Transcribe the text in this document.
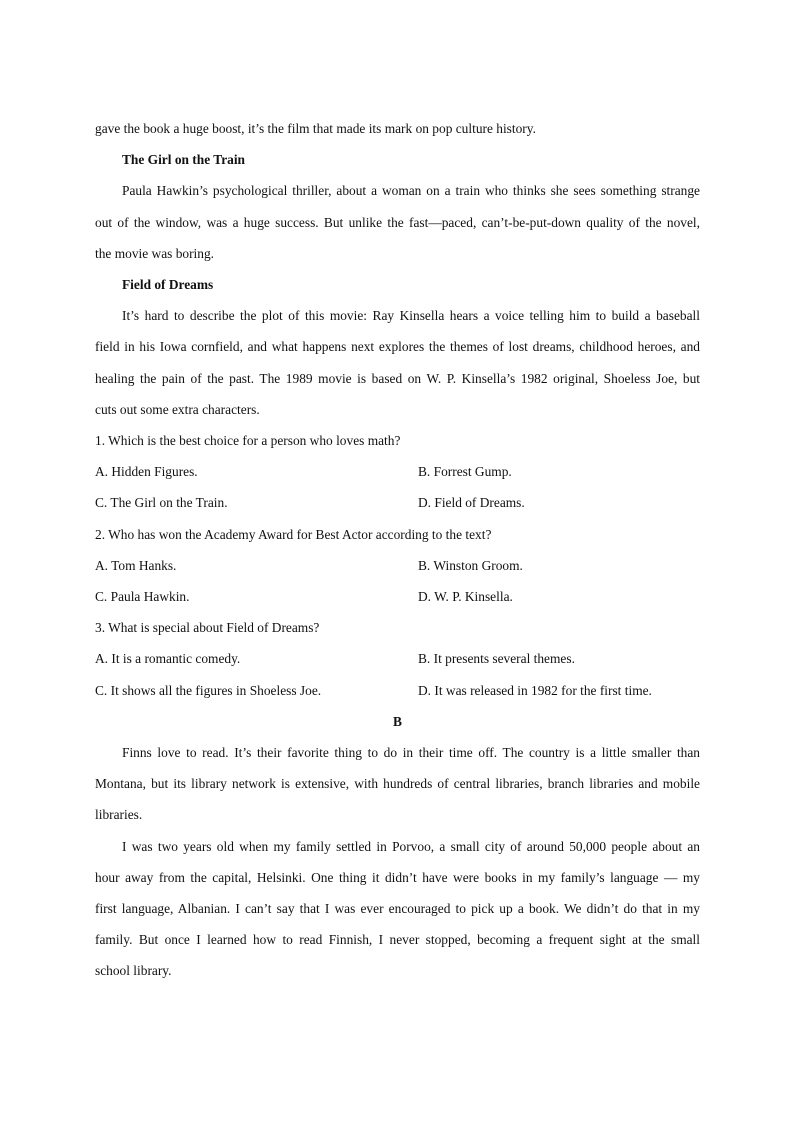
gave the book a huge boost, it’s the film that made its mark on pop culture history.
The Girl on the Train
Paula Hawkin’s psychological thriller, about a woman on a train who thinks she sees something strange
out of the window, was a huge success. But unlike the fast—paced, can’t-be-put-down quality of the novel,
the movie was boring.
Field of Dreams
It’s hard to describe the plot of this movie: Ray Kinsella hears a voice telling him to build a baseball
field in his Iowa cornfield, and what happens next explores the themes of lost dreams, childhood heroes, and
healing the pain of the past. The 1989 movie is based on W. P. Kinsella’s 1982 original, Shoeless Joe, but
cuts out some extra characters.
1. Which is the best choice for a person who loves math?
A. Hidden Figures.	B. Forrest Gump.
C. The Girl on the Train.	D. Field of Dreams.
2. Who has won the Academy Award for Best Actor according to the text?
A. Tom Hanks.	B. Winston Groom.
C. Paula Hawkin.	D. W. P. Kinsella.
3. What is special about Field of Dreams?
A. It is a romantic comedy.	B. It presents several themes.
C. It shows all the figures in Shoeless Joe.	D. It was released in 1982 for the first time.
B
Finns love to read. It’s their favorite thing to do in their time off. The country is a little smaller than
Montana, but its library network is extensive, with hundreds of central libraries, branch libraries and mobile
libraries.
I was two years old when my family settled in Porvoo, a small city of around 50,000 people about an
hour away from the capital, Helsinki. One thing it didn’t have were books in my family’s language — my
first language, Albanian. I can’t say that I was ever encouraged to pick up a book. We didn’t do that in my
family. But once I learned how to read Finnish, I never stopped, becoming a frequent sight at the small
school library.
